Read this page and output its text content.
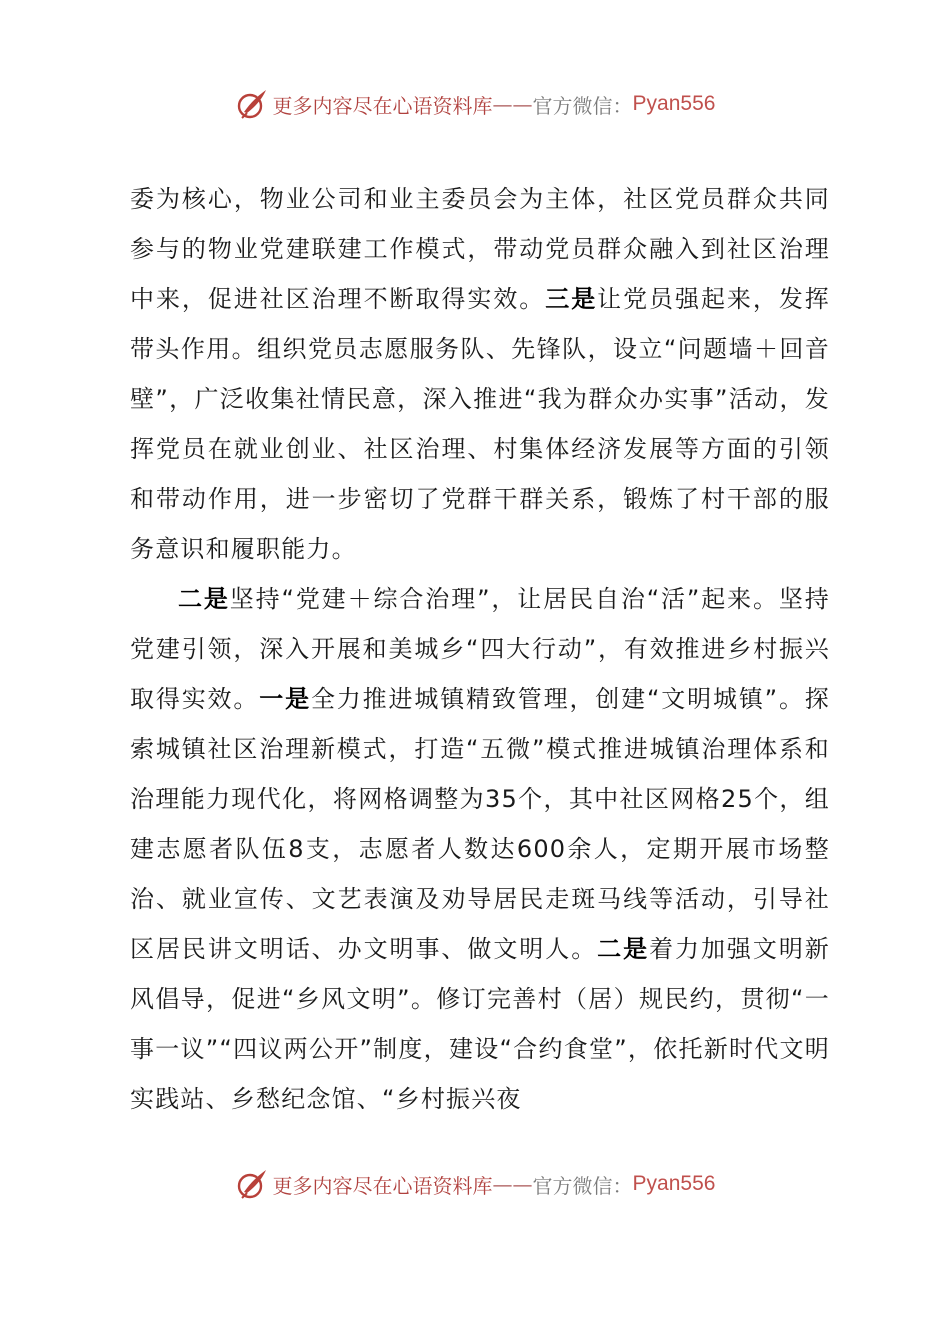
更多内容尽在心语资料库 —— 官方微信： Pyan556

委为核心，物业公司和业主委员会为主体，社区党员群众共同参与的物业党建联建工作模式，带动党员群众融入到社区治理中来，促进社区治理不断取得实效。三是让党员强起来，发挥带头作用。组织党员志愿服务队、先锋队，设立“问题墙＋回音壁”，广泛收集社情民意，深入推进“我为群众办实事”活动，发挥党员在就业创业、社区治理、村集体经济发展等方面的引领和带动作用，进一步密切了党群干群关系，锻炼了村干部的服务意识和履职能力。

二是坚持“党建＋综合治理”，让居民自治“活”起来。坚持党建引领，深入开展和美城乡“四大行动”，有效推进乡村振兴取得实效。一是全力推进城镇精致管理，创建“文明城镇”。探索城镇社区治理新模式，打造“五微”模式推进城镇治理体系和治理能力现代化，将网格调整为35个，其中社区网格25个，组建志愿者队伍8支，志愿者人数达600余人，定期开展市场整治、就业宣传、文艺表演及劝导居民走斑马线等活动，引导社区居民讲文明话、办文明事、做文明人。二是着力加强文明新风倡导，促进“乡风文明”。修订完善村（居）规民约，贯彻“一事一议”“四议两公开”制度，建设“合约食堂”，依托新时代文明实践站、乡愁纪念馆、“乡村振兴夜

更多内容尽在心语资料库 —— 官方微信： Pyan556
